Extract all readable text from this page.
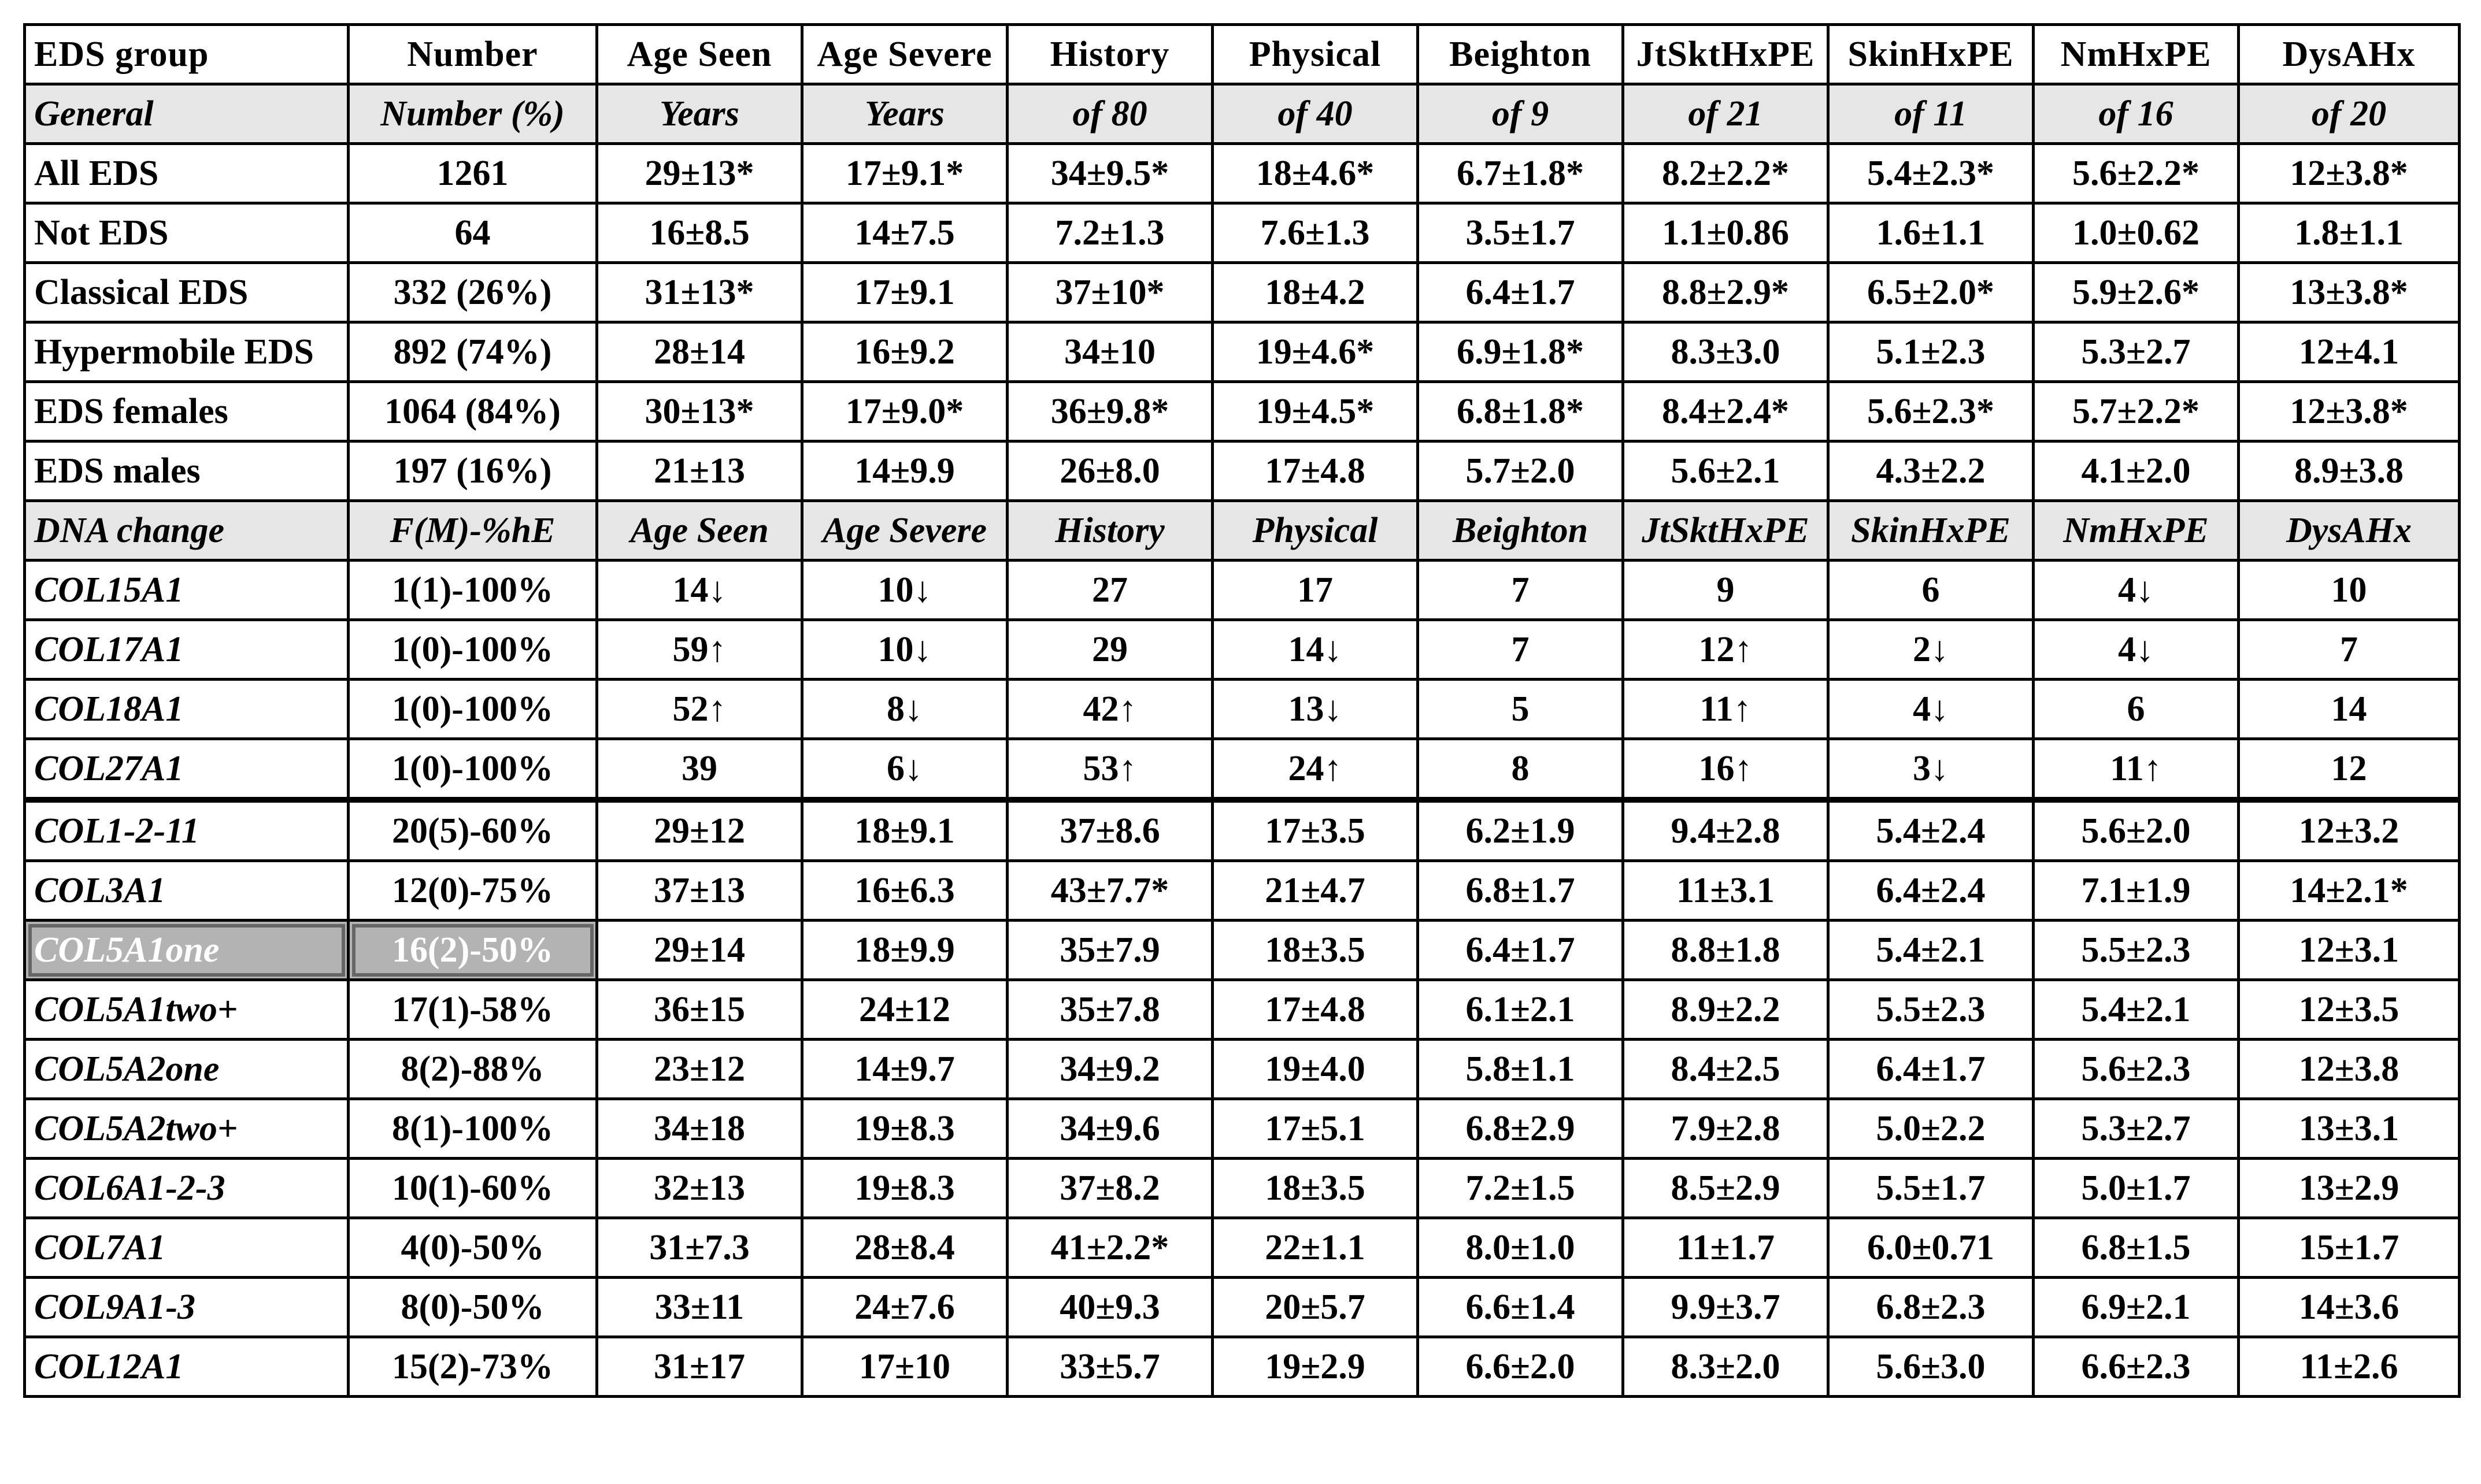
EDS group	Number	Age Seen	Age Severe	History	Physical	Beighton	JtSktHxPE	SkinHxPE	NmHxPE	DysAHx
General	Number (%)	Years	Years	of 80	of 40	of 9	of 21	of 11	of 16	of 20
All EDS	1261	29±13*	17±9.1*	34±9.5*	18±4.6*	6.7±1.8*	8.2±2.2*	5.4±2.3*	5.6±2.2*	12±3.8*
Not EDS	64	16±8.5	14±7.5	7.2±1.3	7.6±1.3	3.5±1.7	1.1±0.86	1.6±1.1	1.0±0.62	1.8±1.1
Classical EDS	332 (26%)	31±13*	17±9.1	37±10*	18±4.2	6.4±1.7	8.8±2.9*	6.5±2.0*	5.9±2.6*	13±3.8*
Hypermobile EDS	892 (74%)	28±14	16±9.2	34±10	19±4.6*	6.9±1.8*	8.3±3.0	5.1±2.3	5.3±2.7	12±4.1
EDS females	1064 (84%)	30±13*	17±9.0*	36±9.8*	19±4.5*	6.8±1.8*	8.4±2.4*	5.6±2.3*	5.7±2.2*	12±3.8*
EDS males	197 (16%)	21±13	14±9.9	26±8.0	17±4.8	5.7±2.0	5.6±2.1	4.3±2.2	4.1±2.0	8.9±3.8
DNA change	F(M)-%hE	Age Seen	Age Severe	History	Physical	Beighton	JtSktHxPE	SkinHxPE	NmHxPE	DysAHx
COL15A1	1(1)-100%	14↓	10↓	27	17	7	9	6	4↓	10
COL17A1	1(0)-100%	59↑	10↓	29	14↓	7	12↑	2↓	4↓	7
COL18A1	1(0)-100%	52↑	8↓	42↑	13↓	5	11↑	4↓	6	14
COL27A1	1(0)-100%	39	6↓	53↑	24↑	8	16↑	3↓	11↑	12
COL1-2-11	20(5)-60%	29±12	18±9.1	37±8.6	17±3.5	6.2±1.9	9.4±2.8	5.4±2.4	5.6±2.0	12±3.2
COL3A1	12(0)-75%	37±13	16±6.3	43±7.7*	21±4.7	6.8±1.7	11±3.1	6.4±2.4	7.1±1.9	14±2.1*
COL5A1one	16(2)-50%	29±14	18±9.9	35±7.9	18±3.5	6.4±1.7	8.8±1.8	5.4±2.1	5.5±2.3	12±3.1
COL5A1two+	17(1)-58%	36±15	24±12	35±7.8	17±4.8	6.1±2.1	8.9±2.2	5.5±2.3	5.4±2.1	12±3.5
COL5A2one	8(2)-88%	23±12	14±9.7	34±9.2	19±4.0	5.8±1.1	8.4±2.5	6.4±1.7	5.6±2.3	12±3.8
COL5A2two+	8(1)-100%	34±18	19±8.3	34±9.6	17±5.1	6.8±2.9	7.9±2.8	5.0±2.2	5.3±2.7	13±3.1
COL6A1-2-3	10(1)-60%	32±13	19±8.3	37±8.2	18±3.5	7.2±1.5	8.5±2.9	5.5±1.7	5.0±1.7	13±2.9
COL7A1	4(0)-50%	31±7.3	28±8.4	41±2.2*	22±1.1	8.0±1.0	11±1.7	6.0±0.71	6.8±1.5	15±1.7
COL9A1-3	8(0)-50%	33±11	24±7.6	40±9.3	20±5.7	6.6±1.4	9.9±3.7	6.8±2.3	6.9±2.1	14±3.6
COL12A1	15(2)-73%	31±17	17±10	33±5.7	19±2.9	6.6±2.0	8.3±2.0	5.6±3.0	6.6±2.3	11±2.6
